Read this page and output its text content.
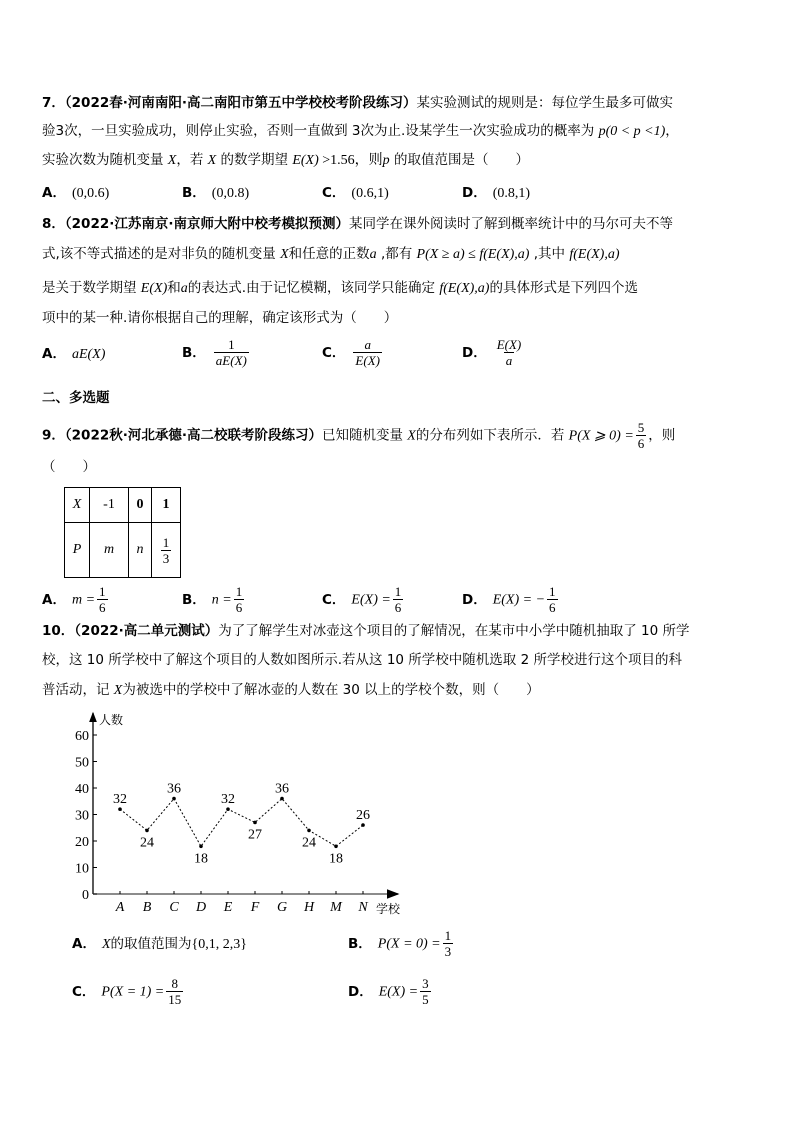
7．（2022春·河南南阳·高二南阳市第五中学校校考阶段练习）某实验测试的规则是：每位学生最多可做实
验3次，一旦实验成功，则停止实验，否则一直做到 3次为止.设某学生一次实验成功的概率为 p(0 < p <1)，
实验次数为随机变量 X，若 X 的数学期望 E(X) >1.56，则p 的取值范围是（　　）
A． (0,0.6)	B． (0,0.8)	C． (0.6,1)	D． (0.8,1)
8．（2022·江苏南京·南京师大附中校考模拟预测）某同学在课外阅读时了解到概率统计中的马尔可夫不等
式,该不等式描述的是对非负的随机变量 X和任意的正数a ,都有 P(X ≥ a) ≤ f(E(X),a) ,其中 f(E(X),a)
是关于数学期望 E(X)和a的表达式.由于记忆模糊，该同学只能确定 f(E(X),a)的具体形式是下列四个选
项中的某一种.请你根据自己的理解，确定该形式为（　　）
A． aE(X)	B． $\frac{1}{aE(X)}$	C． $\frac{a}{E(X)}$	D． $\frac{E(X)}{a}$
二、多选题
9．（2022秋·河北承德·高二校联考阶段练习）已知随机变量 X的分布列如下表所示．若 P(X ⩾ $0) = \frac{5}{6}$ ，则
（　　）
X	-1	0	1
P	m	n	$\frac{1}{3}$
A． $m = \frac{1}{6}$	B． $n = \frac{1}{6}$	C． $E(X) = \frac{1}{6}$	D． E(X) = − $\frac{1}{6}$
10．（2022·高二单元测试）为了了解学生对冰壶这个项目的了解情况，在某市中小学中随机抽取了 10 所学
校，这 10 所学校中了解这个项目的人数如图所示.若从这 10 所学校中随机选取 2 所学校进行这个项目的科
普活动，记 X为被选中的学校中了解冰壶的人数在 30 以上的学校个数，则（　　）
人数
学校
0
10
20
30
40
50
60
A B C D E F G H M N
32
24
36
18
32
27
36
24
18
26
A． X的取值范围为{0,1, 2,3}	B． $P(X = 0) = \frac{1}{3}$
C． $P(X = 1) = \frac{8}{15}$	D． $E(X) = \frac{3}{5}$
